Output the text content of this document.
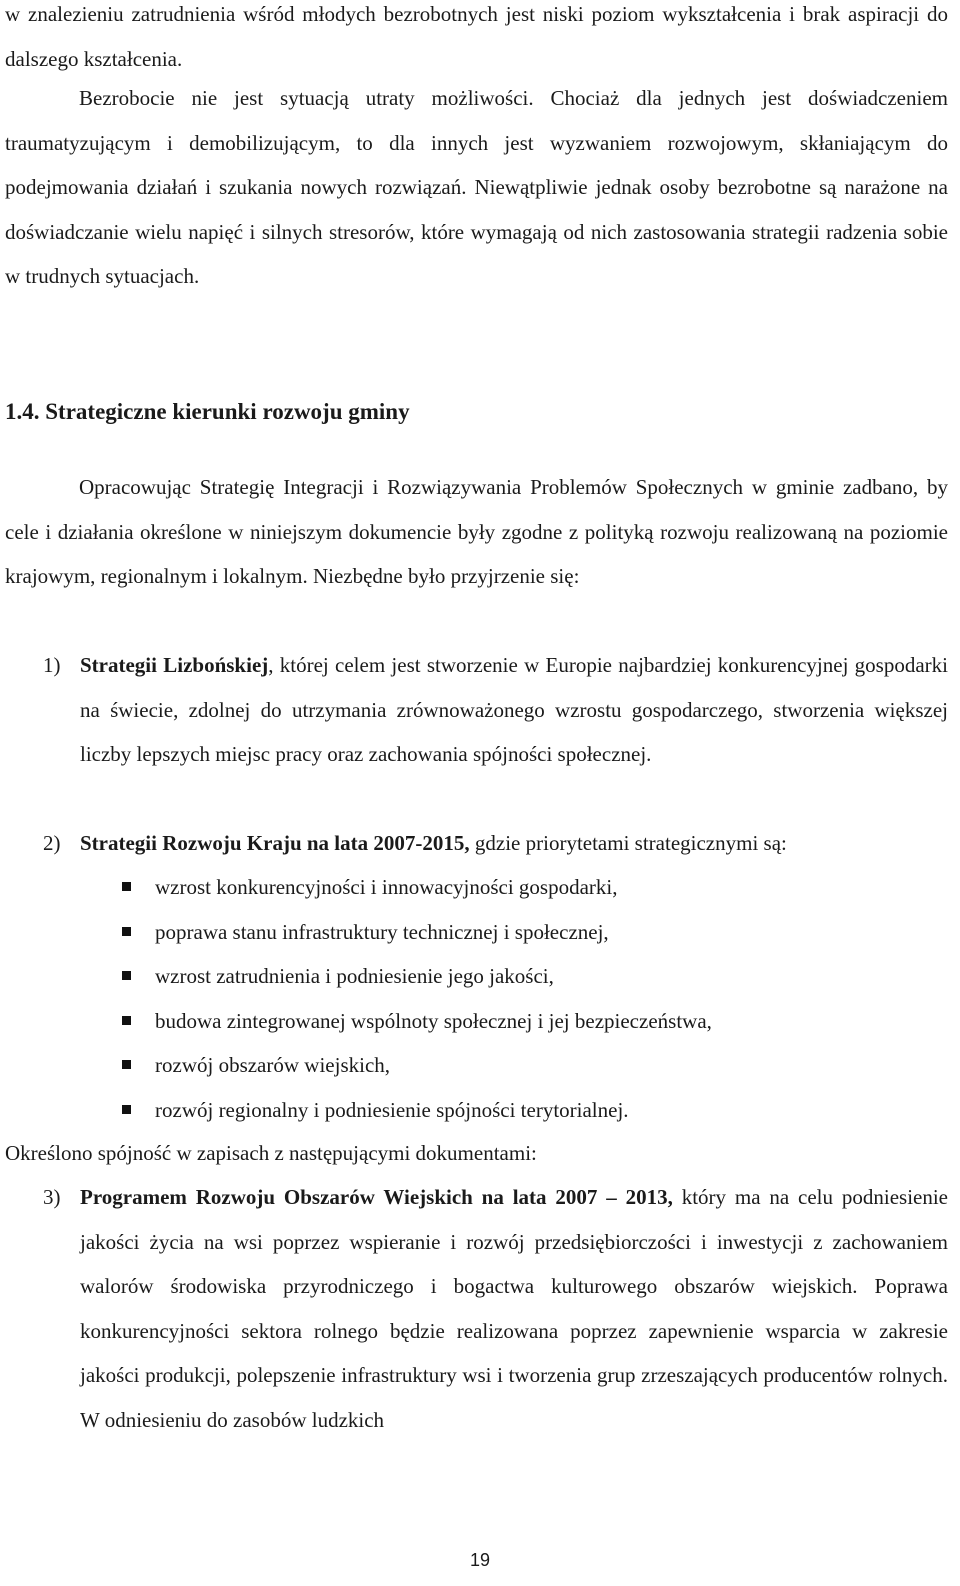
w znalezieniu zatrudnienia wśród młodych bezrobotnych jest niski poziom wykształcenia i brak aspiracji do dalszego kształcenia.
Bezrobocie nie jest sytuacją utraty możliwości. Chociaż dla jednych jest doświadczeniem traumatyzującym i demobilizującym, to dla innych jest wyzwaniem rozwojowym, skłaniającym do podejmowania działań i szukania nowych rozwiązań. Niewątpliwie jednak osoby bezrobotne są narażone na doświadczanie wielu napięć i silnych stresorów, które wymagają od nich zastosowania strategii radzenia sobie w trudnych sytuacjach.
1.4. Strategiczne kierunki rozwoju gminy
Opracowując Strategię Integracji i Rozwiązywania Problemów Społecznych w gminie zadbano, by cele i działania określone w niniejszym dokumencie były zgodne z polityką rozwoju realizowaną na poziomie krajowym, regionalnym i lokalnym. Niezbędne było przyjrzenie się:
1) Strategii Lizbońskiej, której celem jest stworzenie w Europie najbardziej konkurencyjnej gospodarki na świecie, zdolnej do utrzymania zrównoważonego wzrostu gospodarczego, stworzenia większej liczby lepszych miejsc pracy oraz zachowania spójności społecznej.
2) Strategii Rozwoju Kraju na lata 2007-2015, gdzie priorytetami strategicznymi są:
wzrost konkurencyjności i innowacyjności gospodarki,
poprawa stanu infrastruktury technicznej i społecznej,
wzrost zatrudnienia i podniesienie jego jakości,
budowa zintegrowanej wspólnoty społecznej i jej bezpieczeństwa,
rozwój obszarów wiejskich,
rozwój regionalny i podniesienie spójności terytorialnej.
Określono spójność w zapisach z następującymi dokumentami:
3) Programem Rozwoju Obszarów Wiejskich na lata 2007 – 2013, który ma na celu podniesienie jakości życia na wsi poprzez wspieranie i rozwój przedsiębiorczości i inwestycji z zachowaniem walorów środowiska przyrodniczego i bogactwa kulturowego obszarów wiejskich. Poprawa konkurencyjności sektora rolnego będzie realizowana poprzez zapewnienie wsparcia w zakresie jakości produkcji, polepszenie infrastruktury wsi i tworzenia grup zrzeszających producentów rolnych. W odniesieniu do zasobów ludzkich
19
